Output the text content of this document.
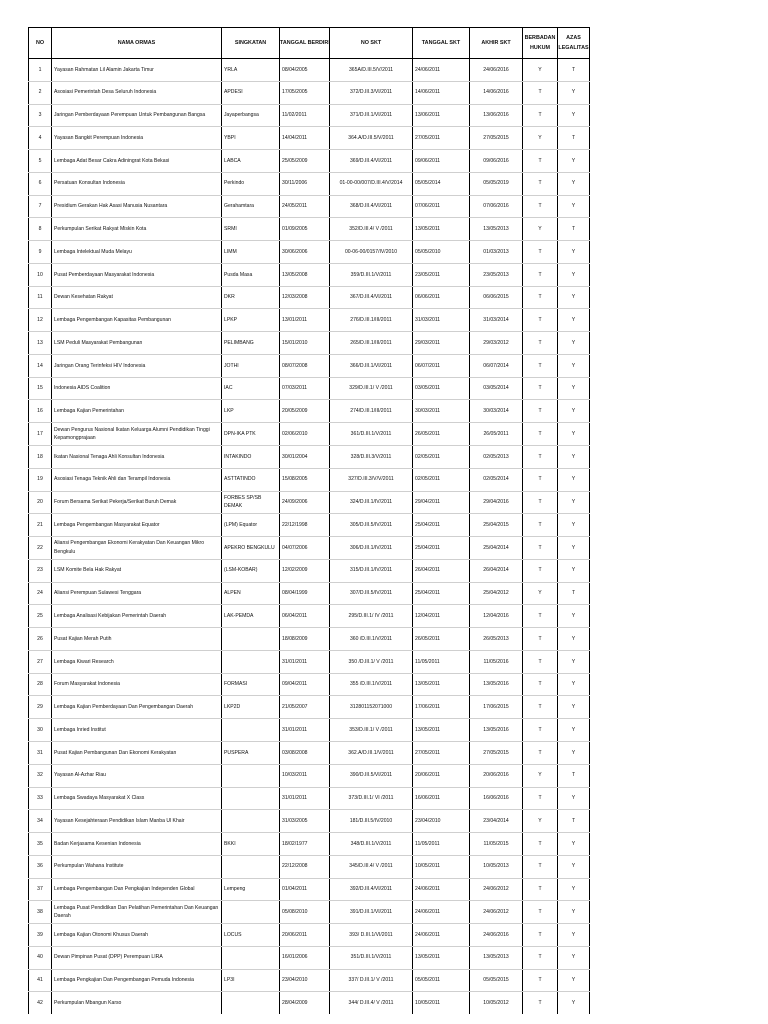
NO	NAMA ORMAS	SINGKATAN	TANGGAL BERDIRI	NO SKT	TANGGAL SKT	AKHIR SKT	BERBADAN
HUKUM	AZAS
LEGALITAS

1	Yayasan Rahmatan Lil Alamin Jakarta Timur	YRLA	08/04/2005	365A/D.III.5/V/2011	24/06/2011	24/06/2016	Y	T
2	Asosiasi Pemerintah Desa Seluruh Indonesia	APDESI	17/05/2005	372/D.III.3/VI/2011	14/06/2011	14/06/2016	T	Y
3	Jaringan Pemberdayaan Perempuan Untuk Pembangunan Bangsa	Jayaperbangsa	11/02/2011	371/D.III.1/VI/2011	13/06/2011	13/06/2016	T	Y
4	Yayasan Bangkit Perempuan Indonesia	YBPI	14/04/2011	364.A/D.III.5/V/2011	27/05/2011	27/05/2015	Y	T
5	Lembaga Adat Besar Cakra Adiningrat Kota Bekasi	LABCA	25/05/2009	369/D.III.4/VI/2011	09/06/2011	09/06/2016	T	Y
6	Persatuan Konsultan Indonesia	Perkindo	30/11/2006	01-00-00/007/D.III.4/V/2014	05/05/2014	05/05/2019	T	Y
7	Presidium Gerakan Hak Asasi Manusia Nusantara	Gerahamtara	24/05/2011	368/D.III.4/VI/2011	07/06/2011	07/06/2016	T	Y
8	Perkumpulan Serikat Rakyat Miskin Kota	SRMI	01/09/2005	352/D.III.4/ V /2011	13/05/2011	13/05/2013	Y	T
9	Lembaga Intelektual Muda Melayu	LIMM	30/06/2006	00-06-00/0157/IV/2010	05/05/2010	01/03/2013	T	Y
10	Pusat Pemberdayaan Masyarakat Indonesia	Pusda Masa	13/05/2008	359/D.III.1/V/2011	23/05/2011	23/05/2013	T	Y
11	Dewan Kesehatan Rakyat	DKR	12/03/2008	367/D.III.4/VI/2011	06/06/2011	06/06/2015	T	Y
12	Lembaga Pengembangan Kapasitas Pembangunan	LPKP	13/01/2011	276/D.III.1/III/2011	31/03/2011	31/03/2014	T	Y
13	LSM Peduli Masyarakat Pembangunan	PELIMBANG	15/01/2010	265/D.III.1/III/2011	29/03/2011	29/03/2012	T	Y
14	Jaringan Orang Terinfeksi HIV Indonesia	JOTHI	08/07/2008	366/D.III.1/VI/2011	06/07/2011	06/07/2014	T	Y
15	Indonesia AIDS Coalition	IAC	07/03/2011	329/D.III.1/ V /2011	03/05/2011	03/05/2014	T	Y
16	Lembaga Kajian Pemerintahan	LKP	20/05/2009	274/D.III.1/III/2011	30/03/2011	30/03/2014	T	Y
17	Dewan Pengurus Nasional Ikatan Keluarga Alumni Pendidikan Tinggi Kepamongprajaan	DPN-IKA PTK	02/06/2010	361/D.III.1/V/2011	26/05/2011	26/05/2011	T	Y
18	Ikatan Nasional Tenaga Ahli Konsultan Indonesia	INTAKINDO	30/01/2004	328/D.III.3/V/2011	02/05/2011	02/05/2013	T	Y
19	Asosiasi Tenaga Teknik Ahli dan Terampil Indonesia	ASTTATINDO	15/08/2005	327/D.III.3/V/V/2011	02/05/2011	02/05/2014	T	Y
20	Forum Bersama Serikat Pekerja/Serikat Buruh Demak	FORBES SP/SB DEMAK	24/09/2006	324/D.III.1/IV/2011	29/04/2011	29/04/2016	T	Y
21	Lembaga Pengembangan Masyarakat Equator	(LPM) Equator	22/12/1998	305/D.III.5/IV/2011	25/04/2011	25/04/2015	T	Y
22	Aliansi Pengembangan Ekonomi Kerakyatan Dan Keuangan Mikro Bengkulu	APEKRO BENGKULU	04/07/2006	306/D.III.1/IV/2011	25/04/2011	25/04/2014	T	Y
23	LSM Komite Bela Hak Rakyat	(LSM-KOBAR)	12/02/2009	315/D.III.1/IV/2011	26/04/2011	26/04/2014	T	Y
24	Aliansi Perempuan Sulawesi Tenggara	ALPEN	08/04/1999	307/D.III.5/IV/2011	25/04/2011	25/04/2012	Y	T
25	Lembaga Analisasi Kebijakan Pemerintah Daerah	LAK-PEMDA	06/04/2011	295/D.III.1/ IV /2011	12/04/2011	12/04/2016	T	Y
26	Pusat Kajian Merah Putih		18/08/2009	360 /D.III.1/V/2011	26/05/2011	26/05/2013	T	Y
27	Lembaga Kiwari Research		31/01/2011	350 /D.III.1/ V /2011	11/05/2011	11/05/2016	T	Y
28	Forum Masyarakat Indonesia	FORMASI	09/04/2011	355 /D.III.1/V/2011	13/05/2011	13/05/2016	T	Y
29	Lembaga Kajian Pemberdayaan Dan Pengembangan Daerah	LKP2D	21/05/2007	312801152071000	17/06/2011	17/06/2015	T	Y
30	Lembaga Inried Institut		31/01/2011	353/D.III.1/ V /2011	13/05/2011	13/05/2016	T	Y
31	Pusat Kajian Pembangunan Dan Ekonomi Kerakyatan	PUSPERA	03/08/2008	362.A/D.III.1/V/2011	27/05/2011	27/05/2015	T	Y
32	Yayasan Al-Azhar Riau		10/03/2011	390/D.III.5/VI/2011	20/06/2011	20/06/2016	Y	T
33	Lembaga Swadaya Masyarakat X Class		31/01/2011	373/D.III.1/ VI /2011	16/06/2011	16/06/2016	T	Y
34	Yayasan Kesejahteraan Pendidikan Islam Manba Ul Khair		31/03/2005	181/D.III.5/IV/2010	23/04/2010	23/04/2014	Y	T
35	Badan Kerjasama Kesenian Indonesia	BKKI	18/02/1977	348/D.III.1/V/2011	11/05/2011	11/05/2015	T	Y
36	Perkumpulan Wahana Institute		22/12/2008	345/D.III.4/ V /2011	10/05/2011	10/05/2013	T	Y
37	Lembaga Pengembangan Dan Pengkajian Independen Global	Lempeng	01/04/2011	392/D.III.4/VI/2011	24/06/2011	24/06/2012	T	Y
38	Lembaga Pusat Pendidikan Dan Pelatihan Pemerintahan Dan Keuangan Daerah		05/08/2010	391/D.III.1/VI/2011	24/06/2011	24/06/2012	T	Y
39	Lembaga Kajian Otonomi Khusus Daerah	LOCUS	20/06/2011	393/ D.III.1/VI/2011	24/06/2011	24/06/2016	T	Y
40	Dewan Pimpinan Pusat (DPP) Perempuan LIRA		16/01/2006	351/D.III.1/V/2011	13/05/2011	13/05/2013	T	Y
41	Lembaga Pengkajian Dan Pengembangan Pemuda Indonesia	LP3I	23/04/2010	337/ D.III.1/ V /2011	05/05/2011	05/05/2015	T	Y
42	Perkumpulan Mbangun Karso		28/04/2009	344/ D.III.4/ V /2011	10/05/2011	10/05/2012	T	Y
